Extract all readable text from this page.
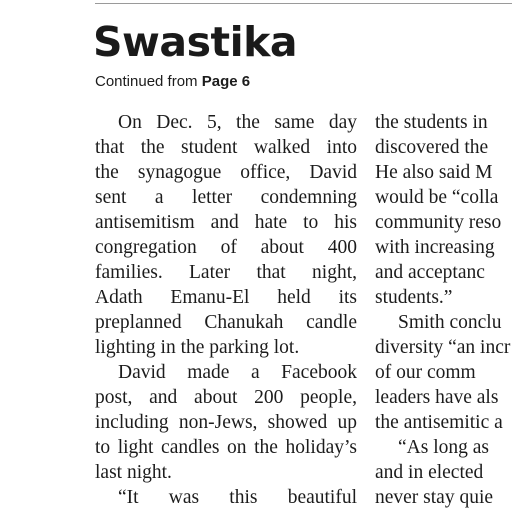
Swastika

Continued from Page 6

On Dec. 5, the same day
that the student walked into
the synagogue office, David
sent a letter condemning
antisemitism and hate to his
congregation of about 400
families. Later that night,
Adath Emanu-El held its
preplanned Chanukah candle
lighting in the parking lot.
David made a Facebook
post, and about 200 people,
including non-Jews, showed up
to light candles on the holiday’s
last night.
“It was this beautiful
the students in
discovered the
He also said M
would be “colla
community reso
with increasing
and acceptanc
students.”
Smith conclu
diversity “an incr
of our comm
leaders have als
the antisemitic a
“As long as
and in elected
never stay quie
